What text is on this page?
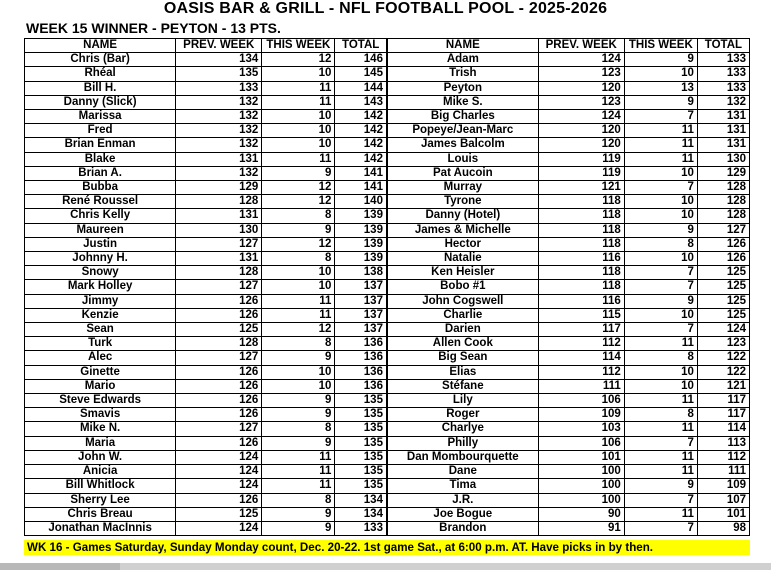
OASIS BAR & GRILL - NFL FOOTBALL POOL - 2025-2026
WEEK 15 WINNER - PEYTON - 13 PTS.
NAME	PREV. WEEK	THIS WEEK	TOTAL	NAME	PREV. WEEK	THIS WEEK	TOTAL
Chris (Bar)	134	12	146	Adam	124	9	133
Rhéal	135	10	145	Trish	123	10	133
Bill H.	133	11	144	Peyton	120	13	133
Danny (Slick)	132	11	143	Mike S.	123	9	132
Marissa	132	10	142	Big Charles	124	7	131
Fred	132	10	142	Popeye/Jean-Marc	120	11	131
Brian Enman	132	10	142	James Balcolm	120	11	131
Blake	131	11	142	Louis	119	11	130
Brian A.	132	9	141	Pat Aucoin	119	10	129
Bubba	129	12	141	Murray	121	7	128
René Roussel	128	12	140	Tyrone	118	10	128
Chris Kelly	131	8	139	Danny (Hotel)	118	10	128
Maureen	130	9	139	James & Michelle	118	9	127
Justin	127	12	139	Hector	118	8	126
Johnny H.	131	8	139	Natalie	116	10	126
Snowy	128	10	138	Ken Heisler	118	7	125
Mark Holley	127	10	137	Bobo #1	118	7	125
Jimmy	126	11	137	John Cogswell	116	9	125
Kenzie	126	11	137	Charlie	115	10	125
Sean	125	12	137	Darien	117	7	124
Turk	128	8	136	Allen Cook	112	11	123
Alec	127	9	136	Big Sean	114	8	122
Ginette	126	10	136	Elias	112	10	122
Mario	126	10	136	Stéfane	111	10	121
Steve Edwards	126	9	135	Lily	106	11	117
Smavis	126	9	135	Roger	109	8	117
Mike N.	127	8	135	Charlye	103	11	114
Maria	126	9	135	Philly	106	7	113
John W.	124	11	135	Dan Mombourquette	101	11	112
Anicia	124	11	135	Dane	100	11	111
Bill Whitlock	124	11	135	Tima	100	9	109
Sherry Lee	126	8	134	J.R.	100	7	107
Chris Breau	125	9	134	Joe Bogue	90	11	101
Jonathan MacInnis	124	9	133	Brandon	91	7	98
WK 16 - Games Saturday, Sunday Monday count, Dec. 20-22. 1st game Sat., at 6:00 p.m. AT. Have picks in by then.
